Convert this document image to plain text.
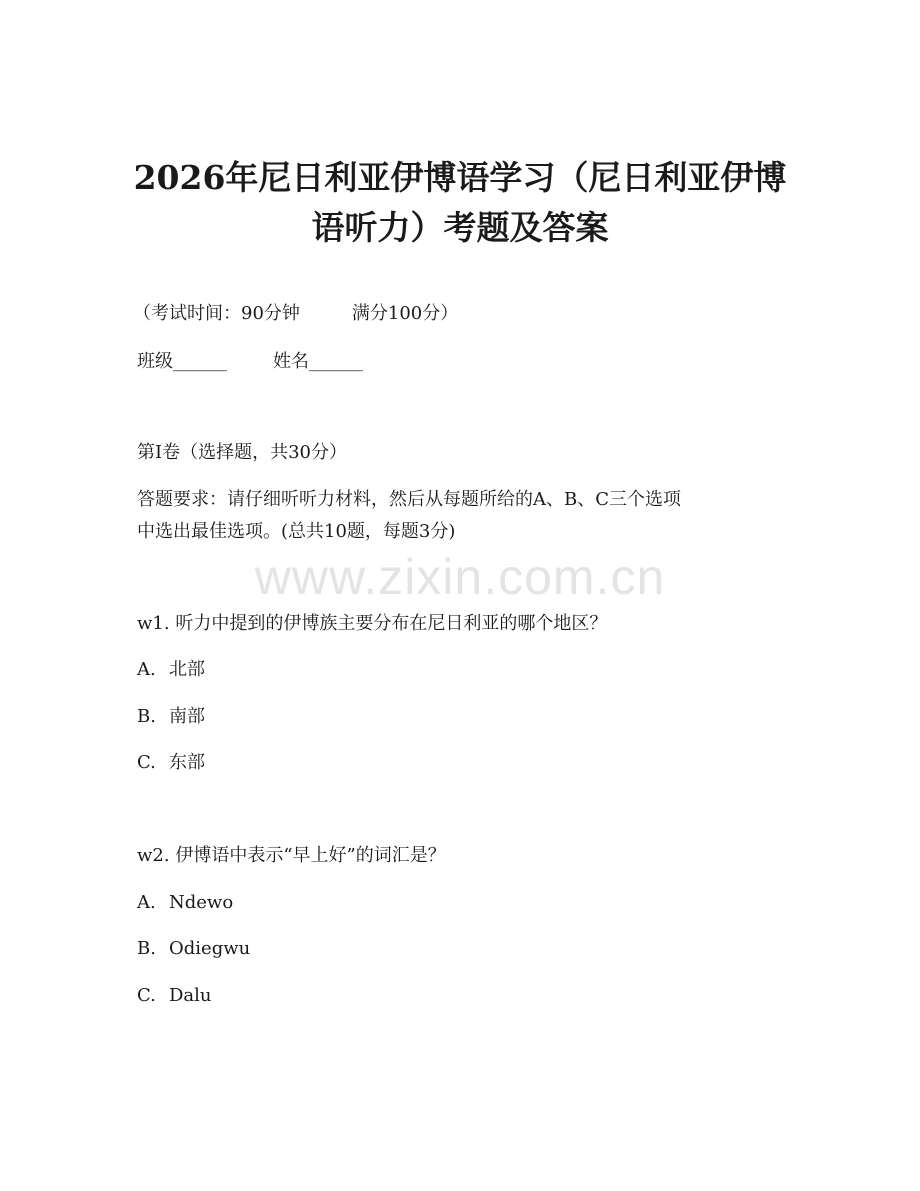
www.zixin.com.cn
2026年尼日利亚伊博语学习（尼日利亚伊博
语听力）考题及答案
（考试时间：90分钟	满分100分）
班级______	姓名______
第I卷（选择题，共30分）
答题要求：请仔细听听力材料，然后从每题所给的A、B、C三个选项
中选出最佳选项。(总共10题，每题3分)
w1. 听力中提到的伊博族主要分布在尼日利亚的哪个地区？
A. 北部
B. 南部
C. 东部
w2. 伊博语中表示“早上好”的词汇是？
A. Ndewo
B. Odiegwu
C. Dalu
